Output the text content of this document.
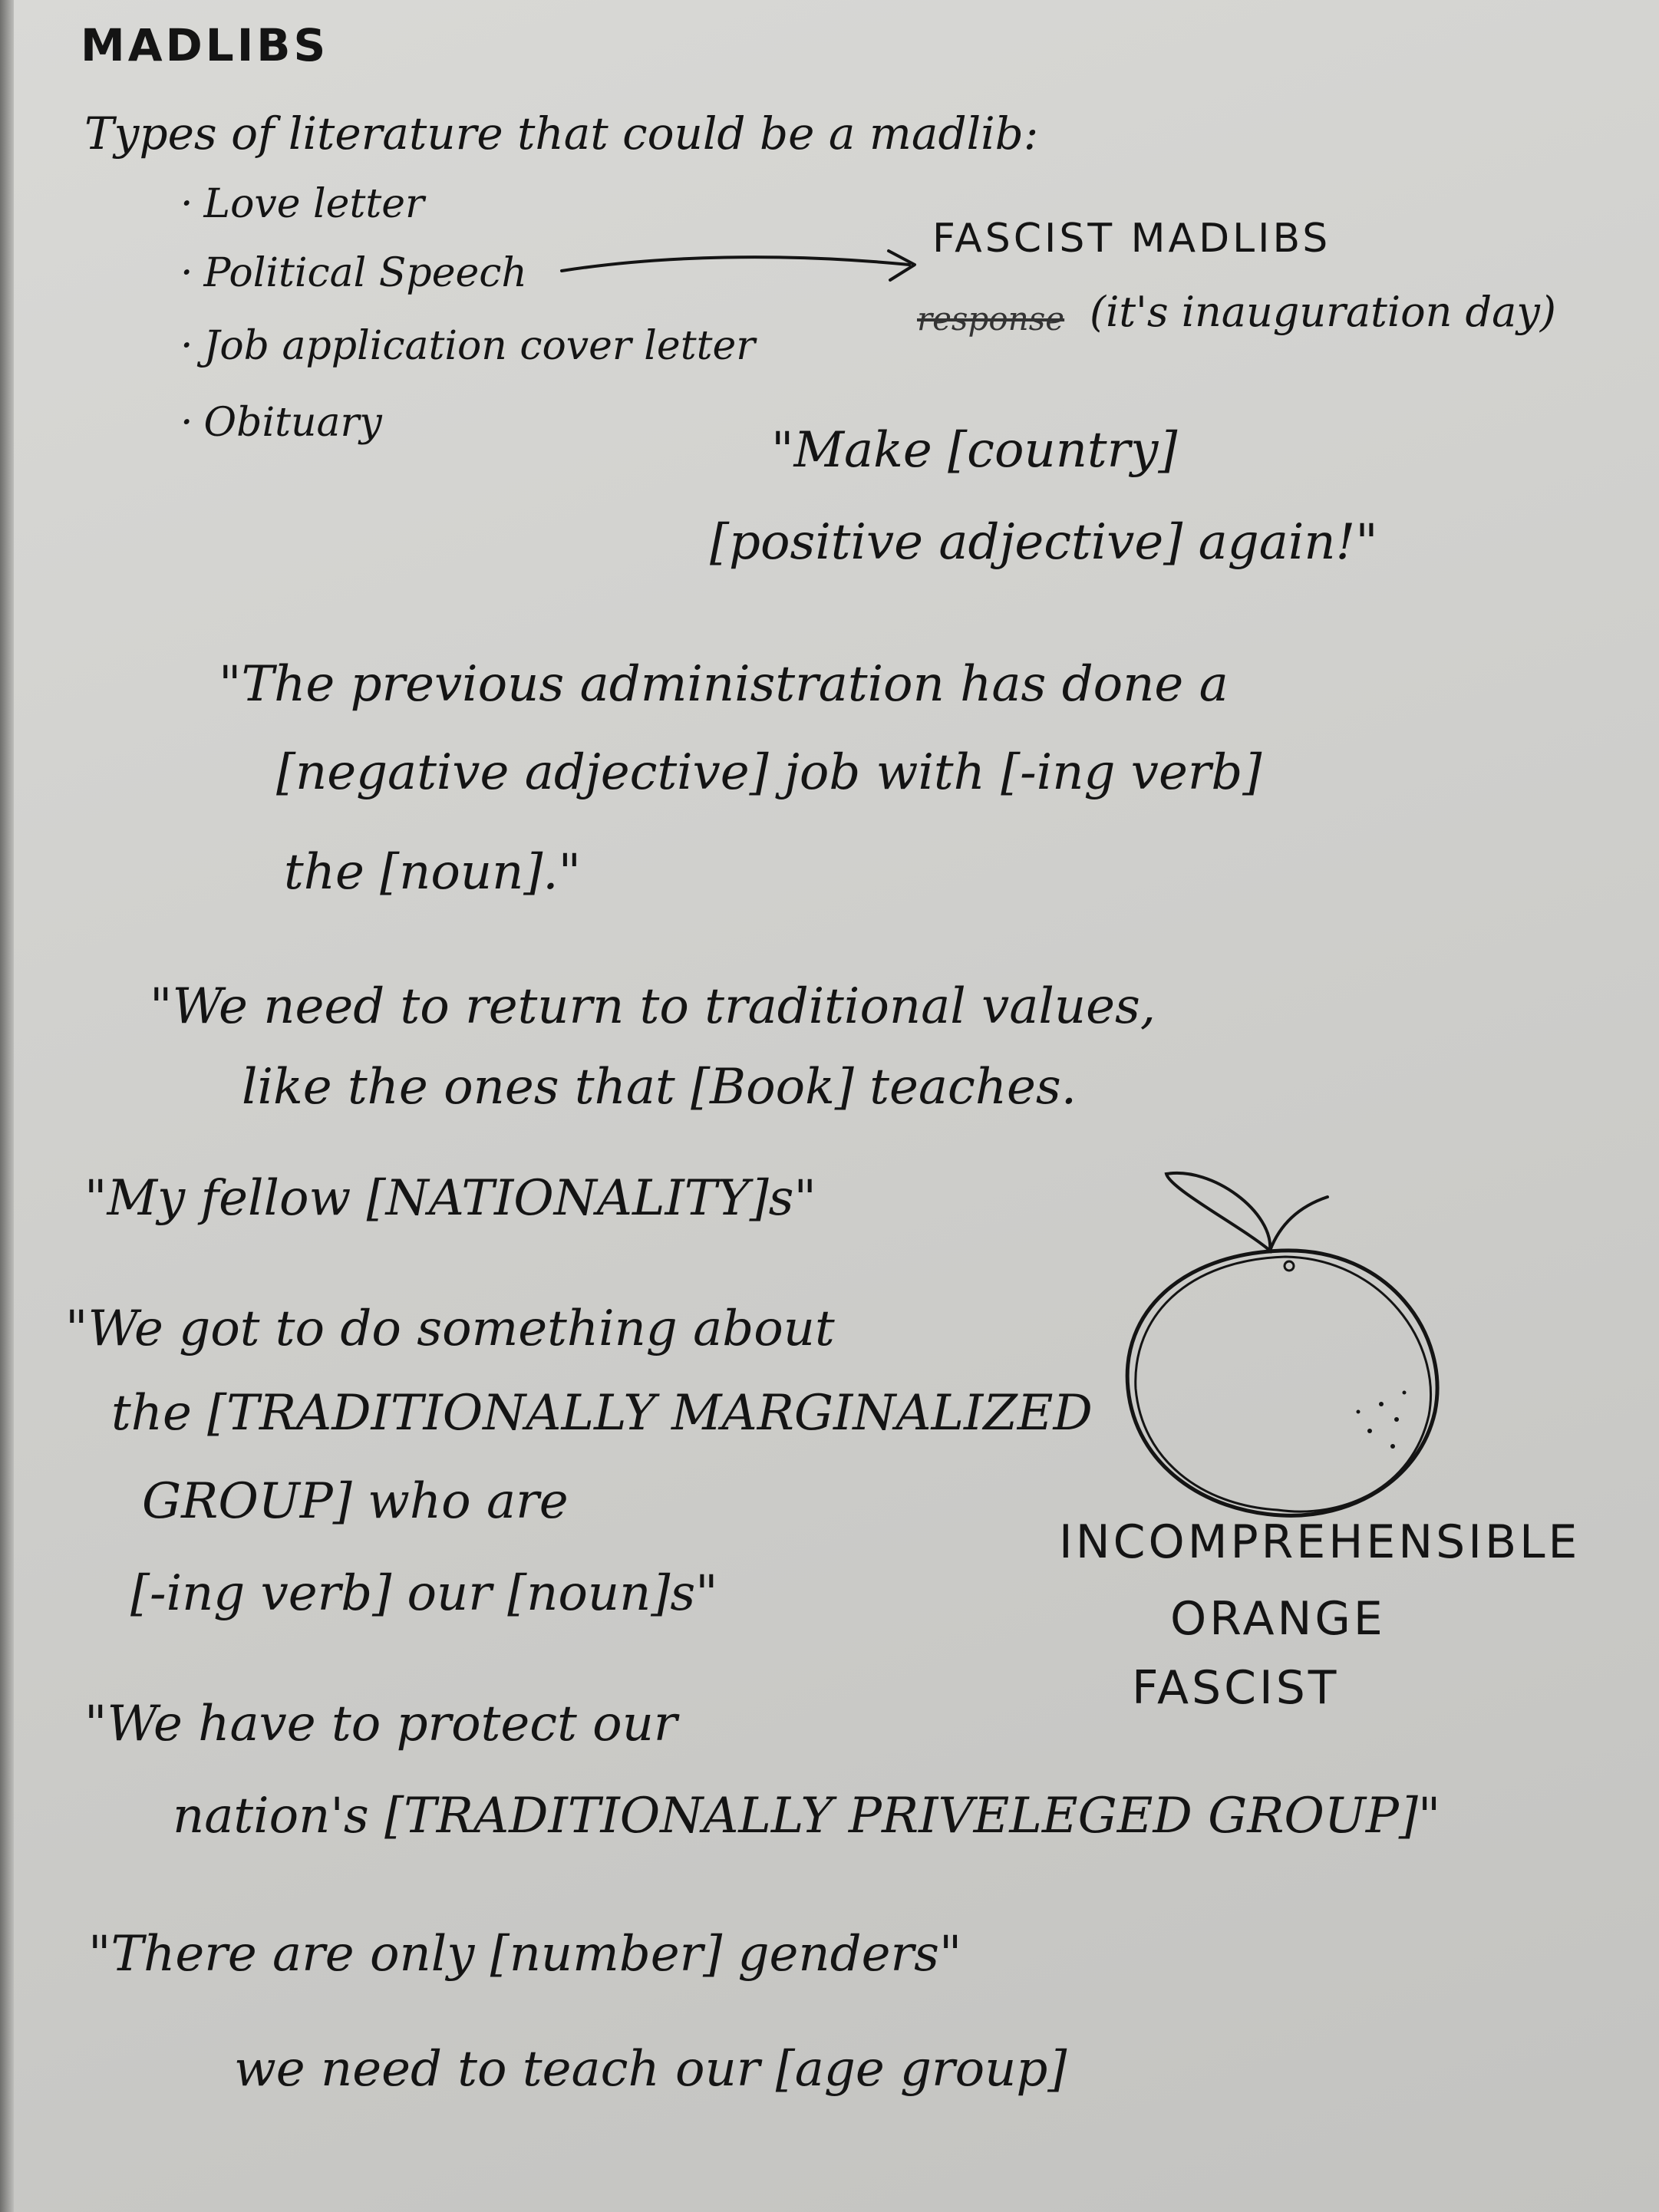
MADLIBS

Types of literature that could be a madlib:

· Love letter
· Political Speech
· Job application cover letter
· Obituary
FASCIST MADLIBS
response (it's inauguration day)
"Make [country]
[positive adjective] again!"
"The previous administration has done a
[negative adjective] job with [-ing verb]
the [noun]."
"We need to return to traditional values,
like the ones that [Book] teaches.
"My fellow [NATIONALITY]s"
"We got to do something about
the [TRADITIONALLY MARGINALIZED
GROUP] who are
[-ing verb] our [noun]s"
"We have to protect our
nation's [TRADITIONALLY PRIVELEGED GROUP]"
"There are only [number] genders"
we need to teach our [age group]
INCOMPREHENSIBLE
ORANGE
FASCIST
